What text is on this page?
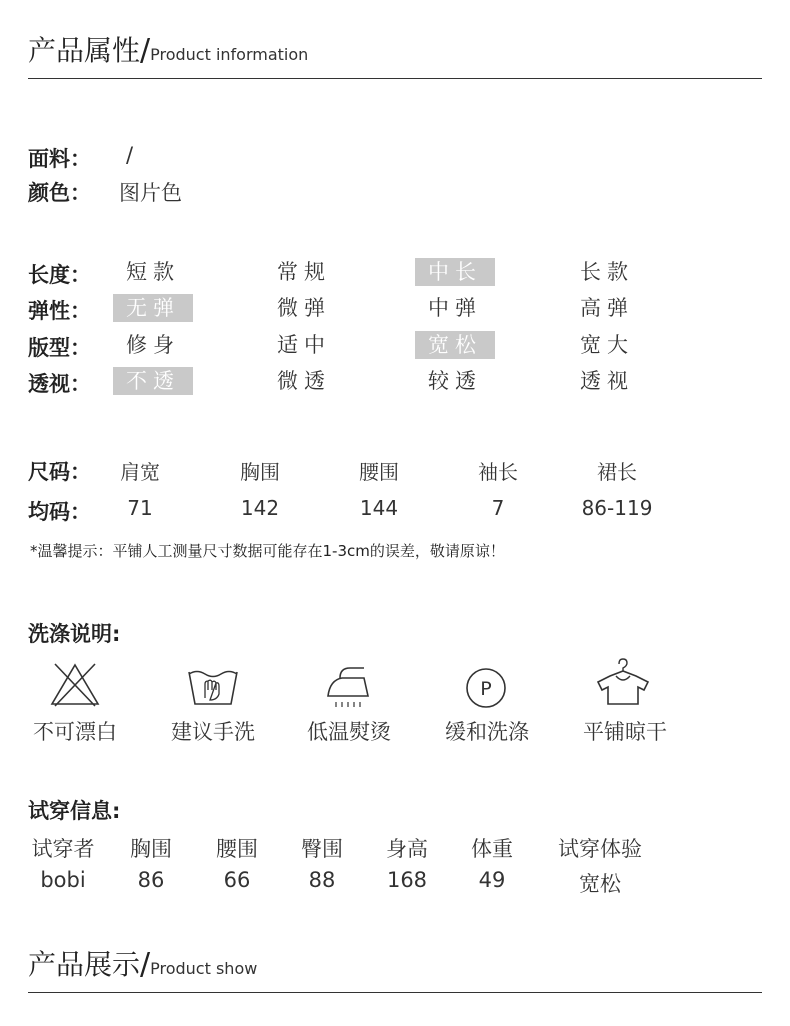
产品属性/Product information
面料： /
颜色： 图片色
长度：	短款	常规	中长	长款
弹性：	无弹	微弹	中弹	高弹
版型：	修身	适中	宽松	宽大
透视：	不透	微透	较透	透视
尺码：	肩宽	胸围	腰围	袖长	裙长
均码：	71	142	144	7	86-119
*温馨提示：平铺人工测量尺寸数据可能存在1-3cm的误差，敬请原谅！
洗涤说明:
P
不可漂白	建议手洗	低温熨烫	缓和洗涤	平铺晾干
试穿信息:
试穿者	胸围	腰围	臀围	身高	体重	试穿体验
bobi	86	66	88	168	49	宽松
产品展示/Product show
